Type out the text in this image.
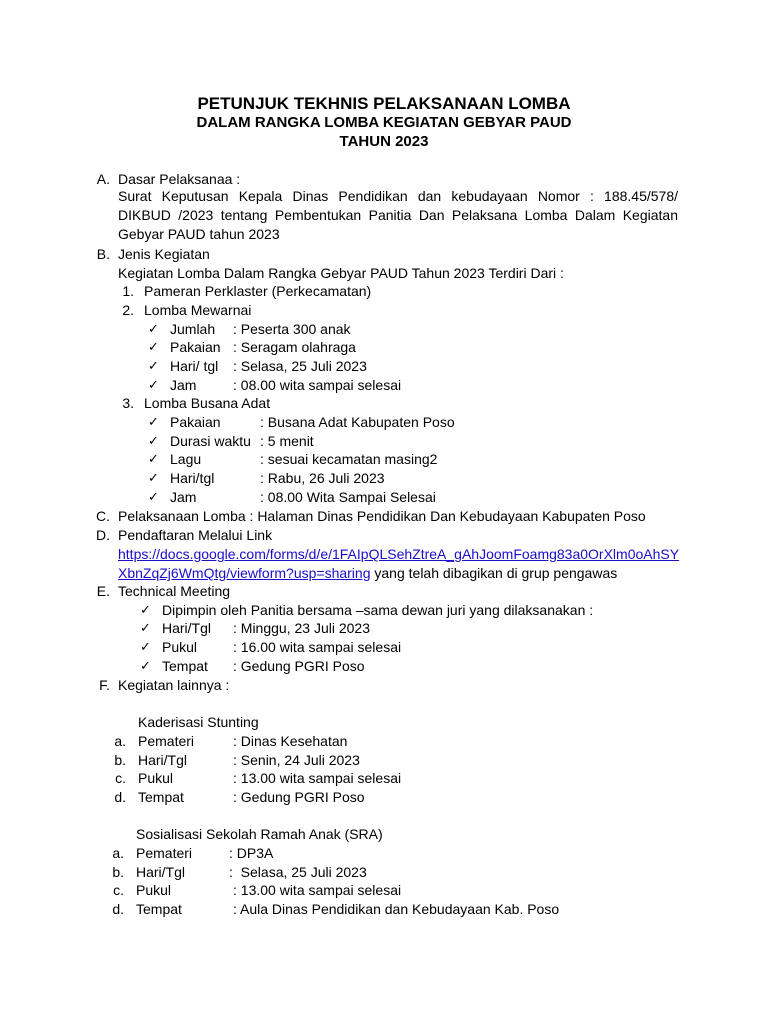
PETUNJUK TEKHNIS PELAKSANAAN LOMBA
DALAM RANGKA LOMBA KEGIATAN GEBYAR PAUD
TAHUN 2023
A. Dasar Pelaksanaa :
Surat Keputusan Kepala Dinas Pendidikan dan kebudayaan Nomor : 188.45/578/ DIKBUD /2023 tentang Pembentukan Panitia Dan Pelaksana Lomba Dalam Kegiatan Gebyar PAUD tahun 2023
B. Jenis Kegiatan
Kegiatan Lomba Dalam Rangka Gebyar PAUD Tahun 2023 Terdiri Dari :
1. Pameran Perklaster (Perkecamatan)
2. Lomba Mewarnai
✓ Jumlah : Peserta 300 anak
✓ Pakaian : Seragam olahraga
✓ Hari/ tgl : Selasa, 25 Juli 2023
✓ Jam	: 08.00 wita sampai selesai
3. Lomba Busana Adat
✓ Pakaian	: Busana Adat Kabupaten Poso
✓ Durasi waktu : 5 menit
✓ Lagu	: sesuai kecamatan masing2
✓ Hari/tgl	: Rabu, 26 Juli 2023
✓ Jam	: 08.00 Wita Sampai Selesai
C. Pelaksanaan Lomba : Halaman Dinas Pendidikan Dan Kebudayaan Kabupaten Poso
D. Pendaftaran Melalui Link
https://docs.google.com/forms/d/e/1FAIpQLSehZtreA_gAhJoomFoamg83a0OrXlm0oAhSY
XbnZqZj6WmQtg/viewform?usp=sharing yang telah dibagikan di grup pengawas
E. Technical Meeting
✓ Dipimpin oleh Panitia bersama –sama dewan juri yang dilaksanakan :
✓ Hari/Tgl : Minggu, 23 Juli 2023
✓ Pukul	: 16.00 wita sampai selesai
✓ Tempat : Gedung PGRI Poso
F. Kegiatan lainnya :
Kaderisasi Stunting
a. Pemateri	: Dinas Kesehatan
b. Hari/Tgl	: Senin, 24 Juli 2023
c. Pukul	: 13.00 wita sampai selesai
d. Tempat	: Gedung PGRI Poso
Sosialisasi Sekolah Ramah Anak (SRA)
a. Pemateri	: DP3A
b. Hari/Tgl	:  Selasa, 25 Juli 2023
c. Pukul	: 13.00 wita sampai selesai
d. Tempat	: Aula Dinas Pendidikan dan Kebudayaan Kab. Poso
